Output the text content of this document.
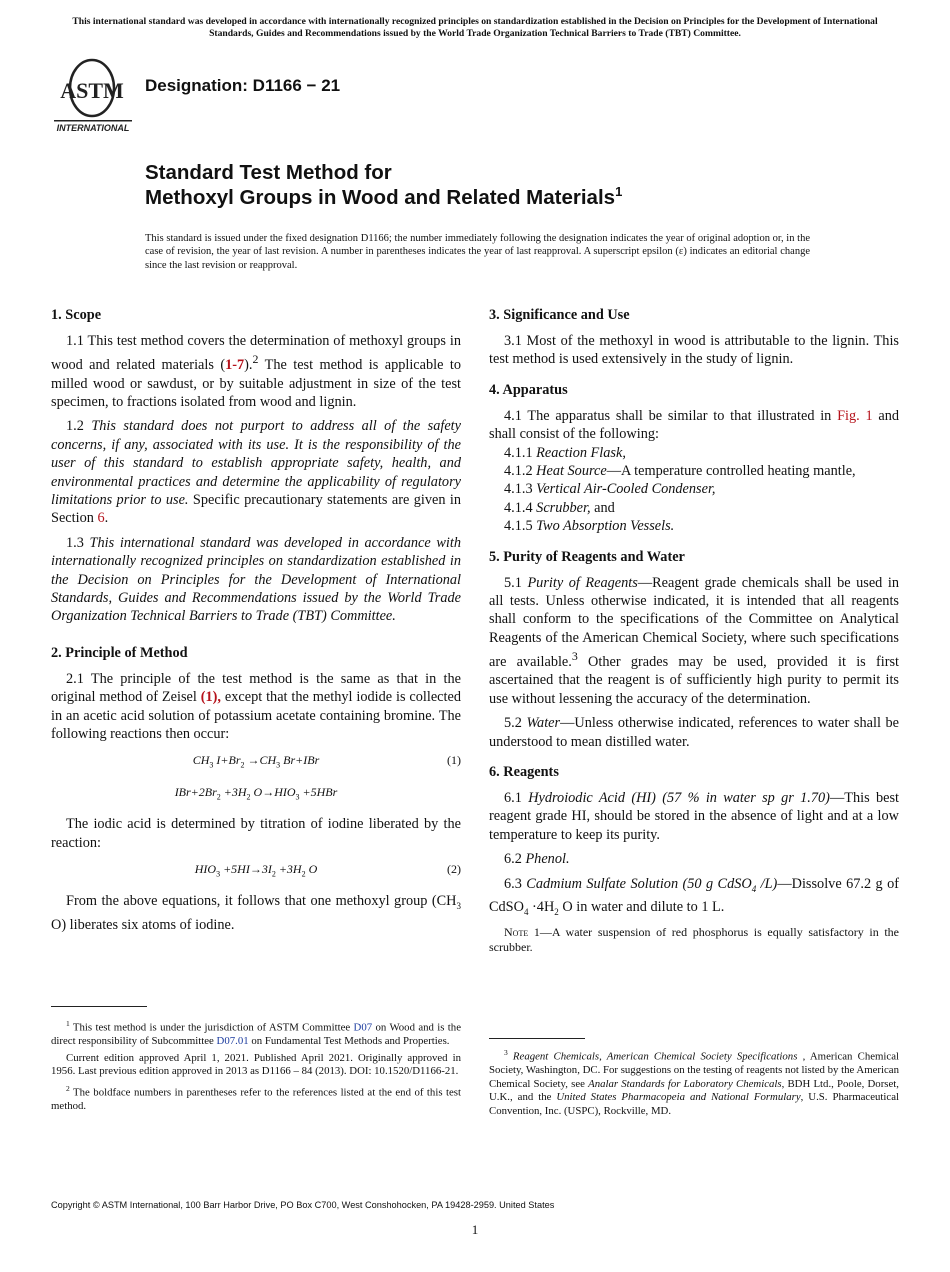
This international standard was developed in accordance with internationally recognized principles on standardization established in the Decision on Principles for the Development of International Standards, Guides and Recommendations issued by the World Trade Organization Technical Barriers to Trade (TBT) Committee.
ASTM
INTERNATIONAL
Designation: D1166 − 21
Standard Test Method for
Methoxyl Groups in Wood and Related Materials$^1$
This standard is issued under the fixed designation D1166; the number immediately following the designation indicates the year of original adoption or, in the case of revision, the year of last revision. A number in parentheses indicates the year of last reapproval. A superscript epsilon (ε) indicates an editorial change since the last revision or reapproval.
1. Scope

1.1 This test method covers the determination of methoxyl groups in wood and related materials (1-7).$^2$ The test method is applicable to milled wood or sawdust, or by suitable adjustment in size of the test specimen, to fractions isolated from wood and lignin.

1.2 This standard does not purport to address all of the safety concerns, if any, associated with its use. It is the responsibility of the user of this standard to establish appropriate safety, health, and environmental practices and determine the applicability of regulatory limitations prior to use. Specific precautionary statements are given in Section 6.

1.3 This international standard was developed in accordance with internationally recognized principles on standardization established in the Decision on Principles for the Development of International Standards, Guides and Recommendations issued by the World Trade Organization Technical Barriers to Trade (TBT) Committee.

2. Principle of Method

2.1 The principle of the test method is the same as that in the original method of Zeisel (1), except that the methyl iodide is collected in an acetic acid solution of potassium acetate containing bromine. The following reactions then occur:

$CH_3$ $I+Br_2 \to CH_3$ Br+IBr	(1)
$IBr+2Br_2 +3H_2$ $O\to HIO_3 +5HBr$

The iodic acid is determined by titration of iodine liberated by the reaction:

$HIO_3 +5HI\to 3I_2 +3H_2$ O	(2)

From the above equations, it follows that one methoxyl group ($CH_3$ O) liberates six atoms of iodine.

$^1$ This test method is under the jurisdiction of ASTM Committee D07 on Wood and is the direct responsibility of Subcommittee D07.01 on Fundamental Test Methods and Properties.

Current edition approved April 1, 2021. Published April 2021. Originally approved in 1956. Last previous edition approved in 2013 as D1166 – 84 (2013). DOI: 10.1520/D1166-21.

$^2$ The boldface numbers in parentheses refer to the references listed at the end of this test method.

3. Significance and Use

3.1 Most of the methoxyl in wood is attributable to the lignin. This test method is used extensively in the study of lignin.

4. Apparatus

4.1 The apparatus shall be similar to that illustrated in Fig. 1 and shall consist of the following:

4.1.1 Reaction Flask,

4.1.2 Heat Source—A temperature controlled heating mantle,

4.1.3 Vertical Air-Cooled Condenser,

4.1.4 Scrubber, and

4.1.5 Two Absorption Vessels.

5. Purity of Reagents and Water

5.1 Purity of Reagents—Reagent grade chemicals shall be used in all tests. Unless otherwise indicated, it is intended that all reagents shall conform to the specifications of the Committee on Analytical Reagents of the American Chemical Society, where such specifications are available.$^3$ Other grades may be used, provided it is first ascertained that the reagent is of sufficiently high purity to permit its use without lessening the accuracy of the determination.

5.2 Water—Unless otherwise indicated, references to water shall be understood to mean distilled water.

6. Reagents

6.1 Hydroiodic Acid (HI) (57 % in water sp gr 1.70)—This best reagent grade HI, should be stored in the absence of light and at a low temperature to keep its purity.

6.2 Phenol.

6.3 Cadmium Sulfate Solution (50 g CdSO$_4$ /L)—Dissolve 67.2 g of CdSO$_4$ $\cdot 4H_2$ O in water and dilute to 1 L.

Note 1—A water suspension of red phosphorus is equally satisfactory in the scrubber.

$^3$ Reagent Chemicals, American Chemical Society Specifications , American Chemical Society, Washington, DC. For suggestions on the testing of reagents not listed by the American Chemical Society, see Analar Standards for Laboratory Chemicals, BDH Ltd., Poole, Dorset, U.K., and the United States Pharmacopeia and National Formulary, U.S. Pharmaceutical Convention, Inc. (USPC), Rockville, MD.

Copyright © ASTM International, 100 Barr Harbor Drive, PO Box C700, West Conshohocken, PA 19428-2959. United States
1
